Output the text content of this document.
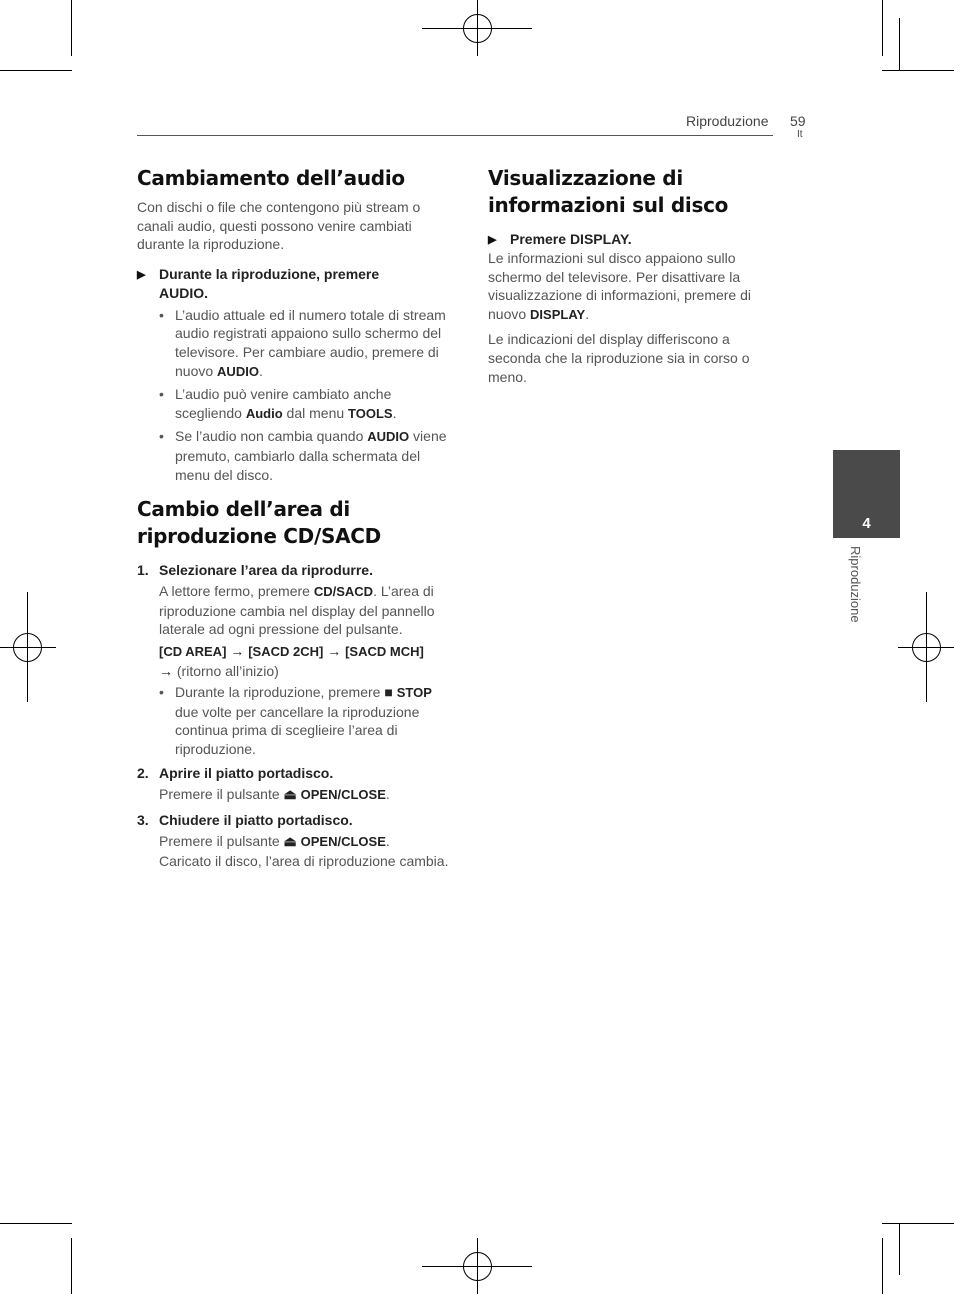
Riproduzione 59
It
4
Riproduzione
Cambiamento dell’audio
Con dischi o file che contengono più stream o canali audio, questi possono venire cambiati durante la riproduzione.
▶ Durante la riproduzione, premere
AUDIO.
• L’audio attuale ed il numero totale di stream audio registrati appaiono sullo schermo del televisore. Per cambiare audio, premere di nuovo AUDIO.
• L’audio può venire cambiato anche scegliendo Audio dal menu TOOLS.
• Se l’audio non cambia quando AUDIO viene premuto, cambiarlo dalla schermata del menu del disco.
Cambio dell’area di riproduzione CD/SACD
1. Selezionare l’area da riprodurre.
A lettore fermo, premere CD/SACD. L’area di riproduzione cambia nel display del pannello laterale ad ogni pressione del pulsante.
[CD AREA] → [SACD 2CH] → [SACD MCH]
→ (ritorno all’inizio)
• Durante la riproduzione, premere ■ STOP due volte per cancellare la riproduzione continua prima di sceglieire l’area di riproduzione.
2. Aprire il piatto portadisco.
Premere il pulsante ⏏ OPEN/CLOSE.
3. Chiudere il piatto portadisco.
Premere il pulsante ⏏ OPEN/CLOSE.
Caricato il disco, l’area di riproduzione cambia.
Visualizzazione di informazioni sul disco
▶ Premere DISPLAY.
Le informazioni sul disco appaiono sullo schermo del televisore. Per disattivare la visualizzazione di informazioni, premere di nuovo DISPLAY.
Le indicazioni del display differiscono a seconda che la riproduzione sia in corso o meno.
